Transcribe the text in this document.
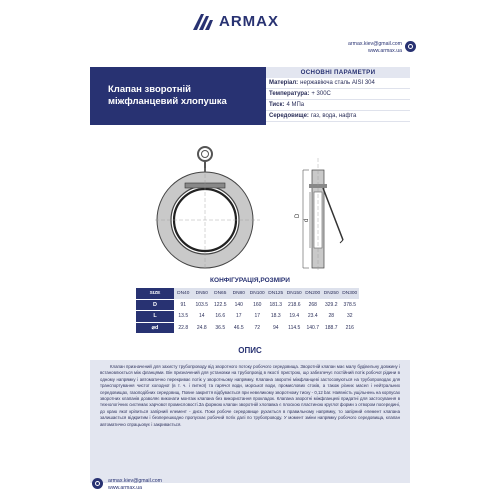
ARMAX
armax.kiev@gmail.com
www.armax.ua
Клапан зворотній
міжфланцевий хлопушка
ОСНОВНІ ПАРАМЕТРИ
Матеріал: нержавіюча сталь AISI 304
Температура: + 300С
Тиск: 4 МПа
Середовище: газ, вода, нафта
D
d
КОНФІГУРАЦІЯ,РОЗМІРИ
SIZE	DN40	DN50	DN65	DN80	DN100	DN125	DN150	DN200	DN250	DN300
D	91	103.5	122.5	140	160	181.3	218.6	268	329.2	378.5
L	13.5	14	16.6	17	17	18.3	19.4	23.4	28	32
⌀d	22.8	24.8	36.5	46.5	72	94	114.5	140.7	188.7	216
ОПИС
Клапан призначений для захисту трубопроводу від зворотного потоку робочого середовища. Зворотній клапан має малу будівельну довжину і встановлюється між фланцями. Він призначений для установки на трубопровід в якості пристрою, що забезпечує постійний потік робочої рідини в одному напрямку і автоматично перекриває потік у зворотньому напрямку. Клапана зворотні міжфланцеві застосовуються на трубопроводах для транспортування чистої холодної (в т. ч. і питної) та гарячої води, морської води, промислових стоків, а також різних масел і нейтральних середовищах, газоподібних середовищ. Повне закриття відбувається при невеликому зворотному тиску - 0,12 bar. Наявність ущільнень на корпусах зворотних клапанів дозволяє виконати монтаж клапана без використання прокладок. Клапана зворотні міжфланцеві придатні для застосування в технологічних системах харчової промисловості.За формою клапан зворотній хлопавка є плоскою пластиною круглої форми з отвором посередині, до краю якої кріпиться запірний елемент - диск. Поки робоче середовище рухається в правильному напрямку, то запірний елемент клапана залишається відкритим і безперешкодно пропускає робочий потік далі по трубопроводу. У момент зміни напрямку робочого середовища, клапан автоматично спрацьовує і закривається.
armax.kiev@gmail.com
www.armax.ua
